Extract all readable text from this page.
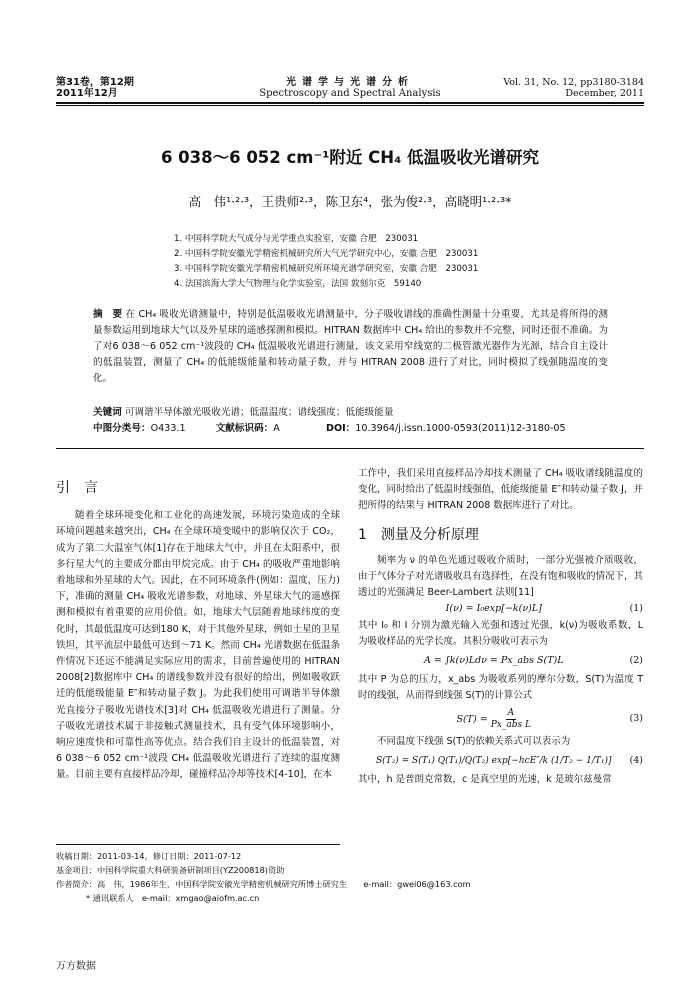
第31卷，第12期
2011年12月
光谱学与光谱分析
Spectroscopy and Spectral Analysis
Vol. 31, No. 12, pp3180-3184
December, 2011
6 038～6 052 cm⁻¹附近 CH₄ 低温吸收光谱研究
高　伟¹·²·³，王贵师²·³，陈卫东⁴，张为俊²·³，高晓明¹·²·³*
1. 中国科学院大气成分与光学重点实验室，安徽 合肥　230031
2. 中国科学院安徽光学精密机械研究所大气光学研究中心，安徽 合肥　230031
3. 中国科学院安徽光学精密机械研究所环境光谱学研究室，安徽 合肥　230031
4. 法国滨海大学大气物理与化学实验室，法国 敦刻尔克　59140
摘　要 在 CH₄ 吸收光谱测量中，特别是低温吸收光谱测量中，分子吸收谱线的准确性测量十分重要，尤其是将所得的测量参数运用到地球大气以及外星球的遥感探测和模拟。HITRAN 数据库中 CH₄ 给出的参数并不完整，同时还很不准确。为了对6 038～6 052 cm⁻¹波段的 CH₄ 低温吸收光谱进行测量，该文采用窄线宽的二极管激光器作为光源，结合自主设计的低温装置，测量了 CH₄ 的低能级能量和转动量子数，并与 HITRAN 2008 进行了对比，同时模拟了线强随温度的变化。
关键词 可调谐半导体激光吸收光谱；低温温度；谱线强度；低能级能量
中图分类号：O433.1	文献标识码：A	DOI：10.3964/j.issn.1000-0593(2011)12-3180-05
引　言

随着全球环境变化和工业化的高速发展，环境污染造成的全球环境问题越来越突出，CH₄ 在全球环境变暖中的影响仅次于 CO₂，成为了第二大温室气体[1]存在于地球大气中，并且在太阳系中，很多行星大气的主要成分都由甲烷完成。由于 CH₄ 的吸收严重地影响着地球和外星球的大气。因此，在不同环境条件(例如：温度，压力)下，准确的测量 CH₄ 吸收光谱参数，对地球、外星球大气的遥感探测和模拟有着重要的应用价值。如，地球大气层随着地球纬度的变化时，其最低温度可达到180 K，对于其他外星球，例如土星的卫星铁坦，其平流层中最低可达到～71 K。然而 CH₄ 光谱数据在低温条件情况下还远不能满足实际应用的需求，目前普遍使用的 HITRAN 2008[2]数据库中 CH₄ 的谱线参数并没有很好的给出，例如吸收跃迁的低能级能量 E″和转动量子数 J。为此我们使用可调谐半导体激光直接分子吸收光谱技术[3]对 CH₄ 低温吸收光谱进行了测量。分子吸收光谱技术属于非接触式测量技术，具有受气体环境影响小，响应速度快和可靠性高等优点。结合我们自主设计的低温装置，对 6 038～6 052 cm⁻¹波段 CH₄ 低温吸收光谱进行了连续的温度测量。目前主要有直接样品冷却，碰撞样品冷却等技术[4-10]，在本

工作中，我们采用直接样品冷却技术测量了 CH₄ 吸收谱线随温度的变化，同时给出了低温时线强值，低能级能量 E″和转动量子数 J，并把所得的结果与 HITRAN 2008 数据库进行了对比。

1　测量及分析原理

频率为 ν 的单色光通过吸收介质时，一部分光强被介质吸收，由于气体分子对光谱吸收具有选择性，在没有饱和吸收的情况下，其透过的光强满足 Beer-Lambert 法则[11]

I(ν) = I₀exp[−k(ν)L]	(1)

其中 I₀ 和 I 分别为激光输入光强和透过光强，k(ν)为吸收系数，L 为吸收样品的光学长度。其积分吸收可表示为

A = ∫k(ν)Ldν = Px_abs S(T)L	(2)

其中 P 为总的压力，x_abs 为吸收系列的摩尔分数，S(T)为温度 T 时的线强，从而得到线强 S(T)的计算公式

$S(T) = \frac{A}{\text{Px\_abs L}}$	(3)

不同温度下线强 S(T)的依赖关系式可以表示为

S(T₂) = S(T₁) Q(T₁)/Q(T₂) exp[−hcE″/k (1/T₂ − 1/T₁)]	(4)

其中，h 是普朗克常数，c 是真空里的光速，k 是玻尔兹曼常

收稿日期：2011-03-14，修订日期：2011-07-12
基金项目：中国科学院重大科研装备研制项目(YZ200818)资助
作者简介：高　伟，1986年生，中国科学院安徽光学精密机械研究所博士研究生　　e-mail：gwei06@163.com
* 通讯联系人　e-mail：xmgao@aiofm.ac.cn
万方数据
